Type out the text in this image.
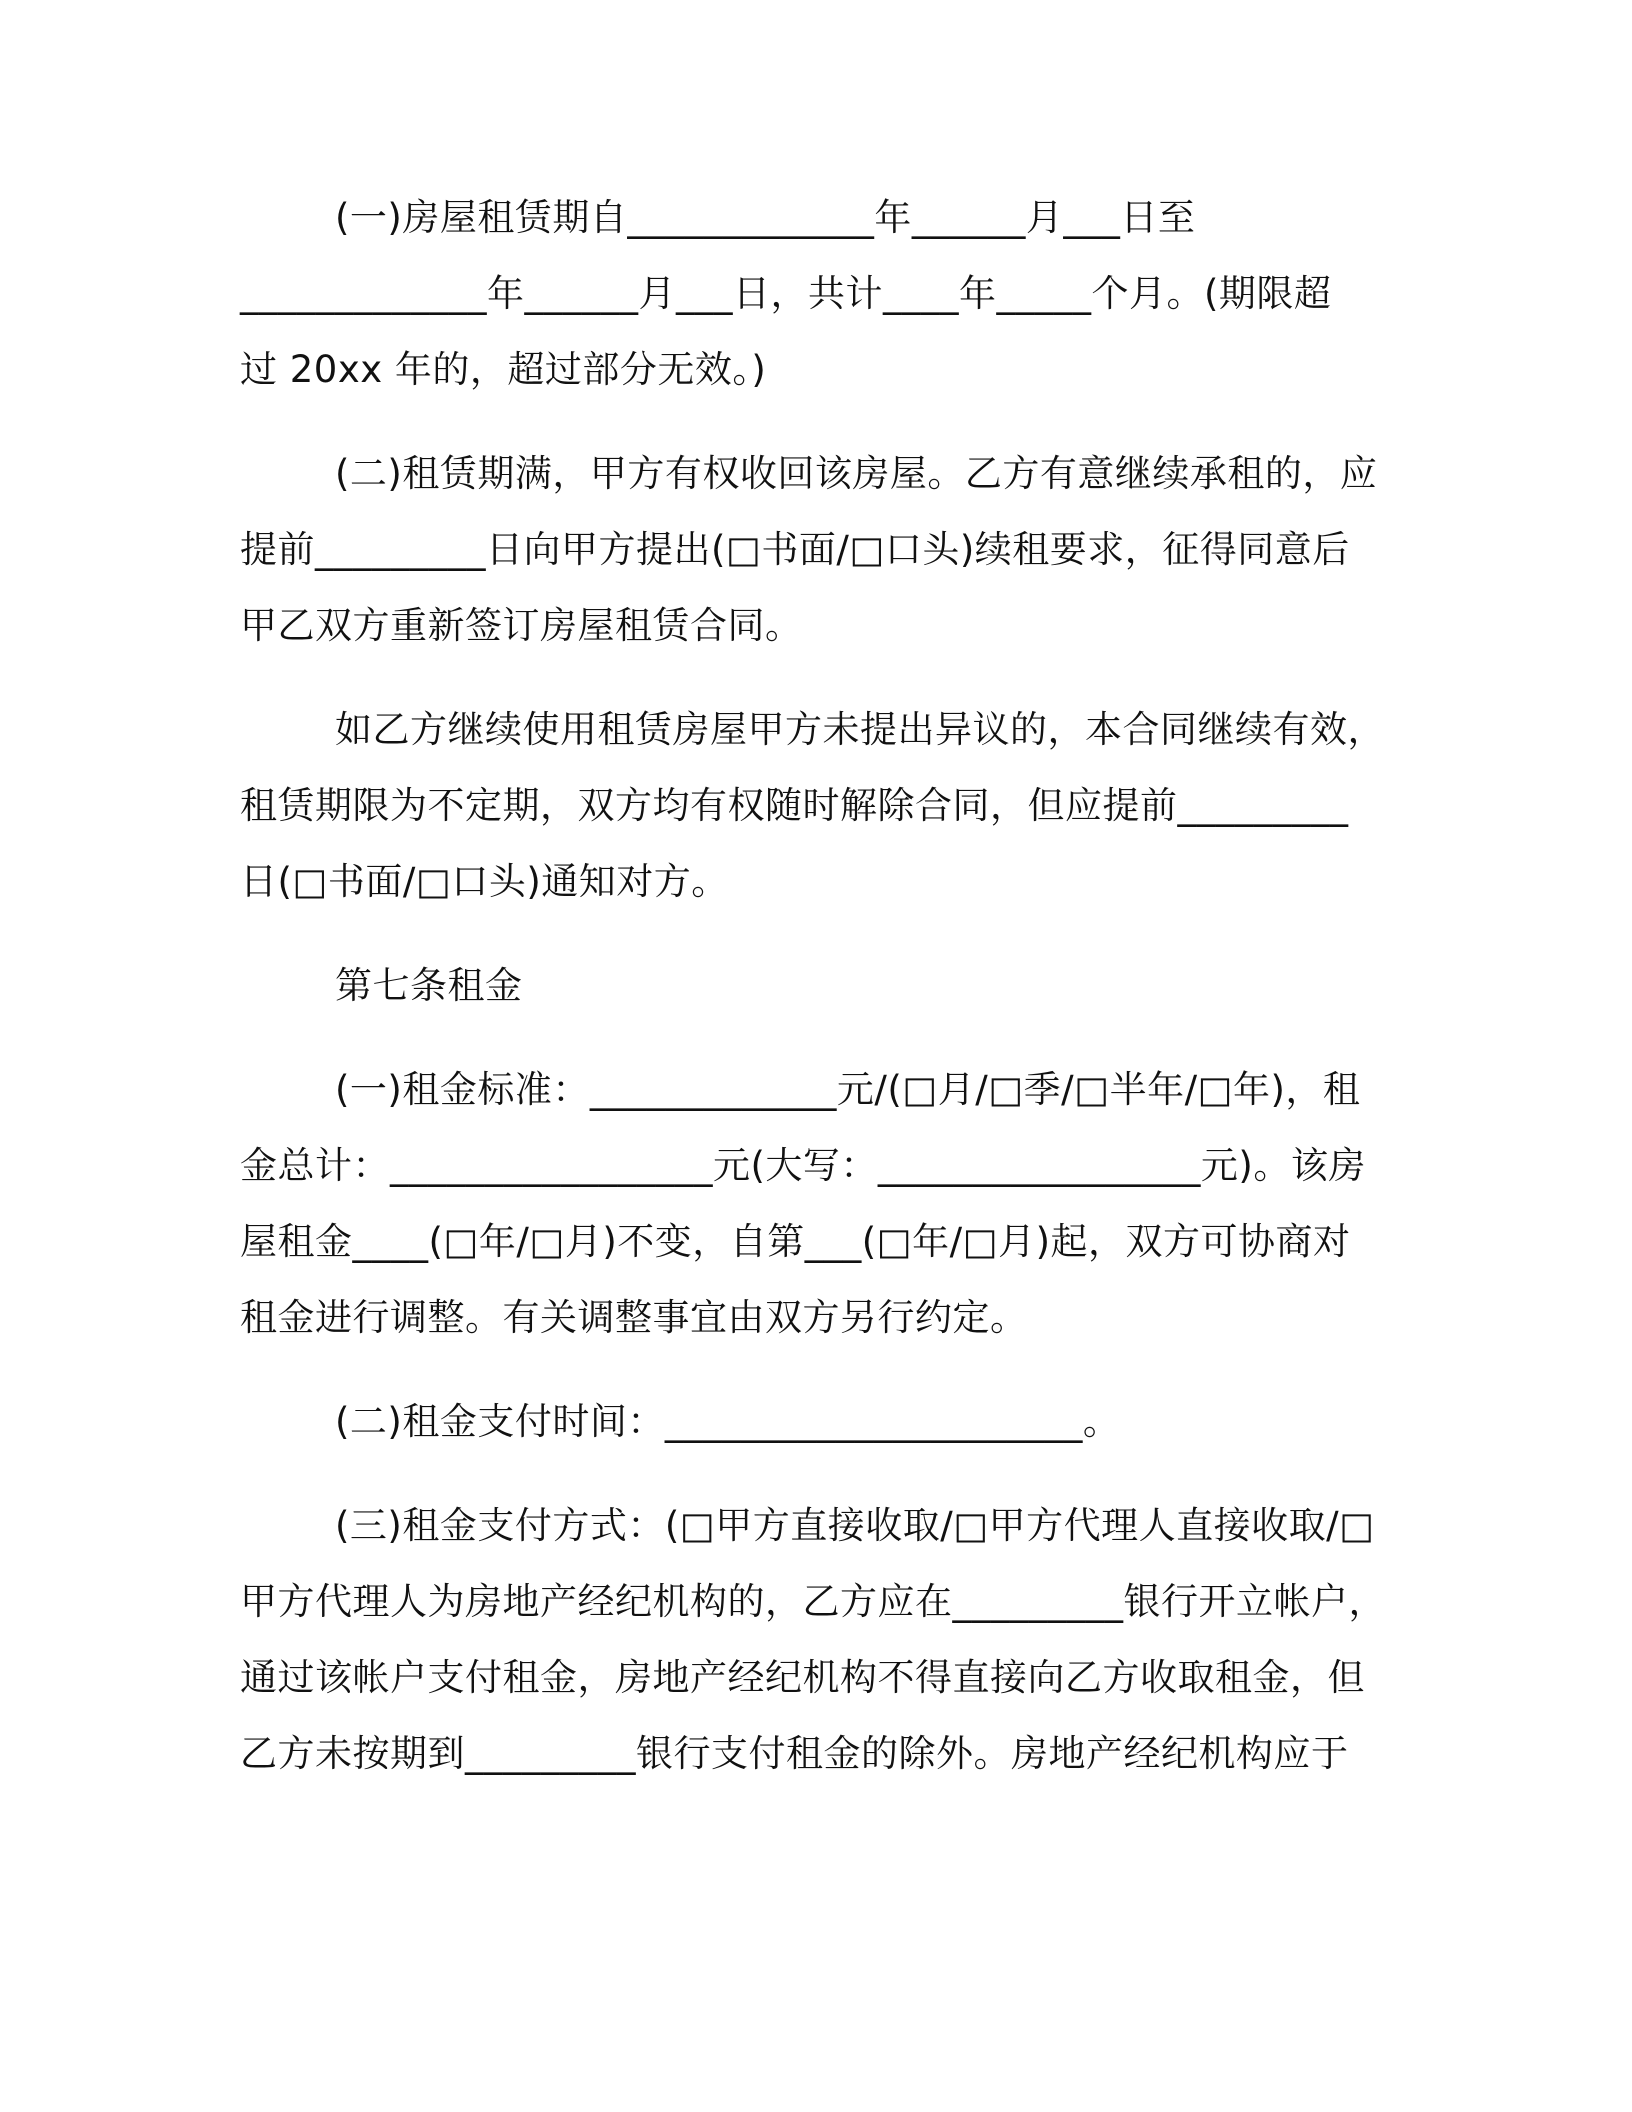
(一)房屋租赁期自_____________年______月___日至
_____________年______月___日，共计____年_____个月。(期限超
过 20xx 年的，超过部分无效。)
(二)租赁期满，甲方有权收回该房屋。乙方有意继续承租的，应
提前_________日向甲方提出(□书面/□口头)续租要求，征得同意后
甲乙双方重新签订房屋租赁合同。
如乙方继续使用租赁房屋甲方未提出异议的，本合同继续有效，
租赁期限为不定期，双方均有权随时解除合同，但应提前_________
日(□书面/□口头)通知对方。
第七条租金
(一)租金标准：_____________元/(□月/□季/□半年/□年)，租
金总计：_________________元(大写：_________________元)。该房
屋租金____(□年/□月)不变，自第___(□年/□月)起，双方可协商对
租金进行调整。有关调整事宜由双方另行约定。
(二)租金支付时间：______________________。
(三)租金支付方式：(□甲方直接收取/□甲方代理人直接收取/□
甲方代理人为房地产经纪机构的，乙方应在_________银行开立帐户，
通过该帐户支付租金，房地产经纪机构不得直接向乙方收取租金，但
乙方未按期到_________银行支付租金的除外。房地产经纪机构应于
